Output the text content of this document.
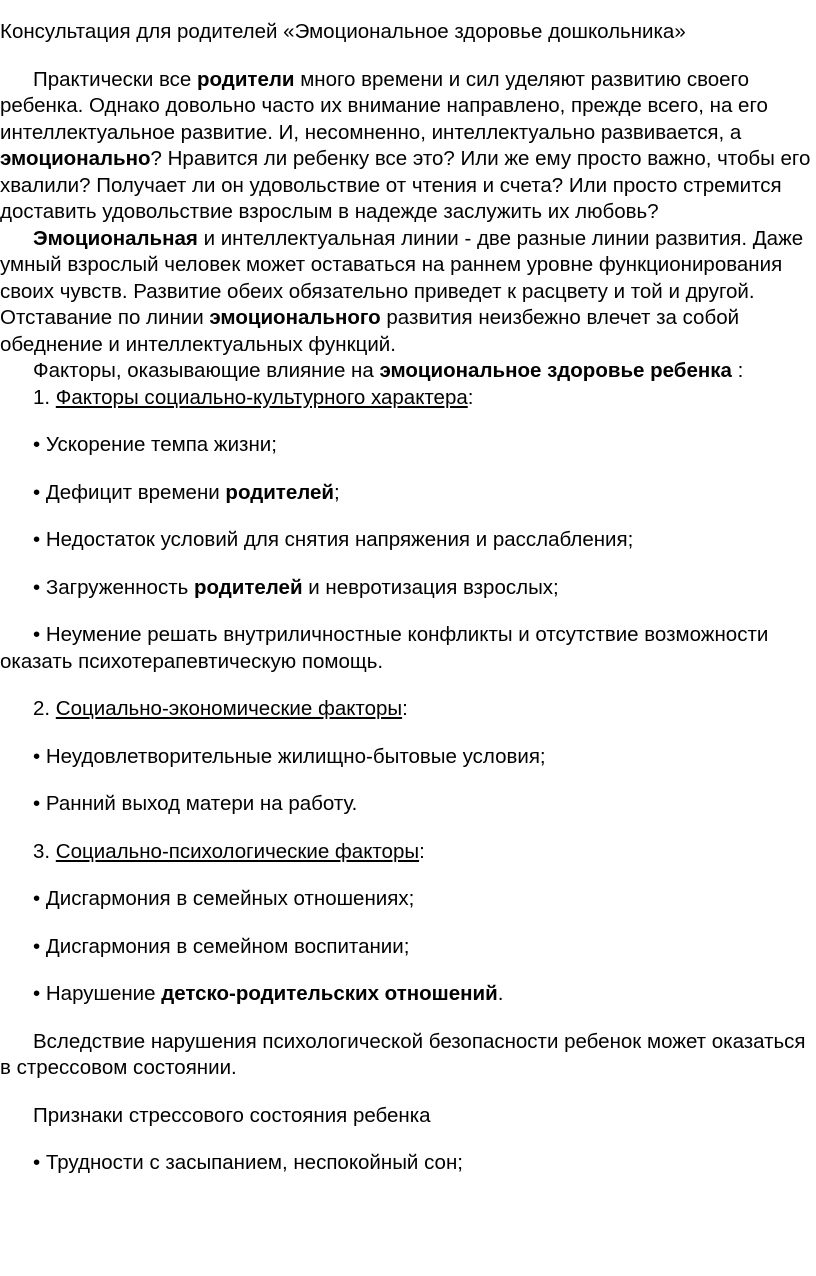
Консультация для родителей «Эмоциональное здоровье дошкольника»

Практически все родители много времени и сил уделяют развитию своего ребенка. Однако довольно часто их внимание направлено, прежде всего, на его интеллектуальное развитие. И, несомненно, интеллектуально развивается, а эмоционально? Нравится ли ребенку все это? Или же ему просто важно, чтобы его хвалили? Получает ли он удовольствие от чтения и счета? Или просто стремится доставить удовольствие взрослым в надежде заслужить их любовь?

Эмоциональная и интеллектуальная линии - две разные линии развития. Даже умный взрослый человек может оставаться на раннем уровне функционирования своих чувств. Развитие обеих обязательно приведет к расцвету и той и другой. Отставание по линии эмоционального развития неизбежно влечет за собой обеднение и интеллектуальных функций.

Факторы, оказывающие влияние на эмоциональное здоровье ребенка :

1. Факторы социально-культурного характера:

• Ускорение темпа жизни;

• Дефицит времени родителей;

• Недостаток условий для снятия напряжения и расслабления;

• Загруженность родителей и невротизация взрослых;

• Неумение решать внутриличностные конфликты и отсутствие возможности оказать психотерапевтическую помощь.

2. Социально-экономические факторы:

• Неудовлетворительные жилищно-бытовые условия;

• Ранний выход матери на работу.

3. Социально-психологические факторы:

• Дисгармония в семейных отношениях;

• Дисгармония в семейном воспитании;

• Нарушение детско-родительских отношений.

Вследствие нарушения психологической безопасности ребенок может оказаться в стрессовом состоянии.

Признаки стрессового состояния ребенка

• Трудности с засыпанием, неспокойный сон;
